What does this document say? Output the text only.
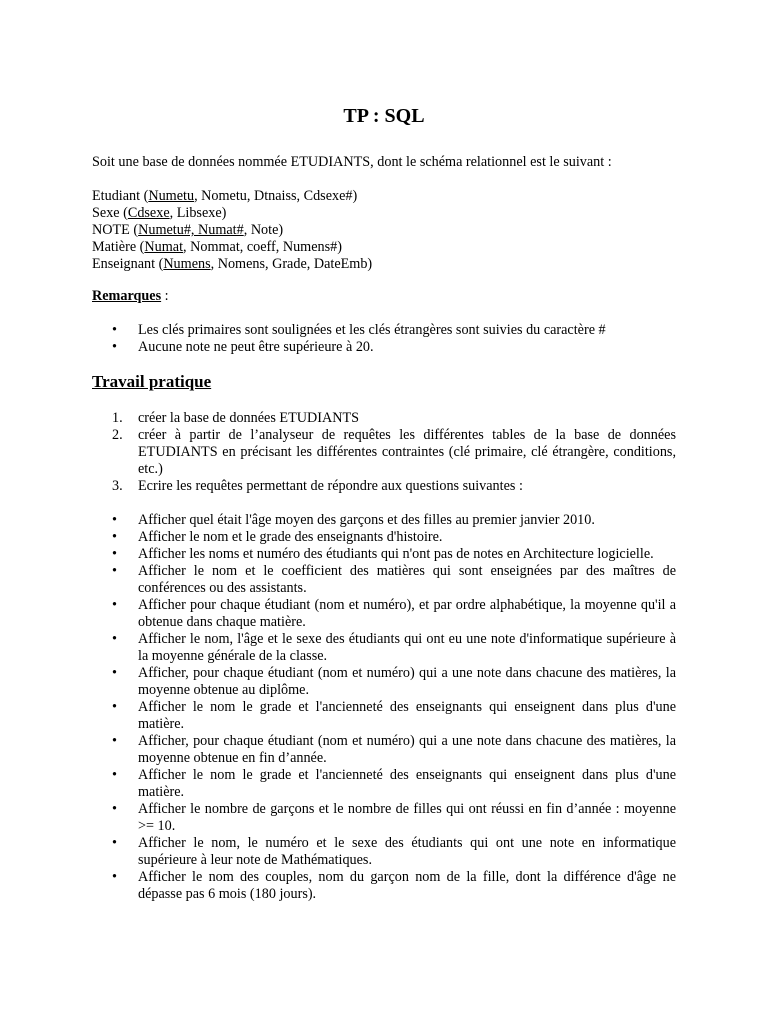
TP : SQL
Soit une base de données nommée ETUDIANTS, dont le schéma relationnel est le suivant :
Etudiant (Numetu, Nometu, Dtnaiss, Cdsexe#)
Sexe (Cdsexe, Libsexe)
NOTE (Numetu#, Numat#, Note)
Matière (Numat, Nommat, coeff, Numens#)
Enseignant (Numens, Nomens, Grade, DateEmb)
Remarques :
• Les clés primaires sont soulignées et les clés étrangères sont suivies du caractère #
• Aucune note ne peut être supérieure à 20.
Travail pratique
1. créer la base de données ETUDIANTS
2. créer à partir de l’analyseur de requêtes les différentes tables de la base de données ETUDIANTS en précisant les différentes contraintes (clé primaire, clé étrangère, conditions, etc.)
3. Ecrire les requêtes permettant de répondre aux questions suivantes :
• Afficher quel était l'âge moyen des garçons et des filles au premier janvier 2010.
• Afficher le nom et le grade des enseignants d'histoire.
• Afficher les noms et numéro des étudiants qui n'ont pas de notes en Architecture logicielle.
• Afficher le nom et le coefficient des matières qui sont enseignées par des maîtres de conférences ou des assistants.
• Afficher pour chaque étudiant (nom et numéro), et par ordre alphabétique, la moyenne qu'il a obtenue dans chaque matière.
• Afficher le nom, l'âge et le sexe des étudiants qui ont eu une note d'informatique supérieure à la moyenne générale de la classe.
• Afficher, pour chaque étudiant (nom et numéro) qui a une note dans chacune des matières, la moyenne obtenue au diplôme.
• Afficher le nom le grade et l'ancienneté des enseignants qui enseignent dans plus d'une matière.
• Afficher, pour chaque étudiant (nom et numéro) qui a une note dans chacune des matières, la moyenne obtenue en fin d’année.
• Afficher le nom le grade et l'ancienneté des enseignants qui enseignent dans plus d'une matière.
• Afficher le nombre de garçons et le nombre de filles qui ont réussi en fin d’année : moyenne >= 10.
• Afficher le nom, le numéro et le sexe des étudiants qui ont une note en informatique supérieure à leur note de Mathématiques.
• Afficher le nom des couples, nom du garçon nom de la fille, dont la différence d'âge ne dépasse pas 6 mois (180 jours).
